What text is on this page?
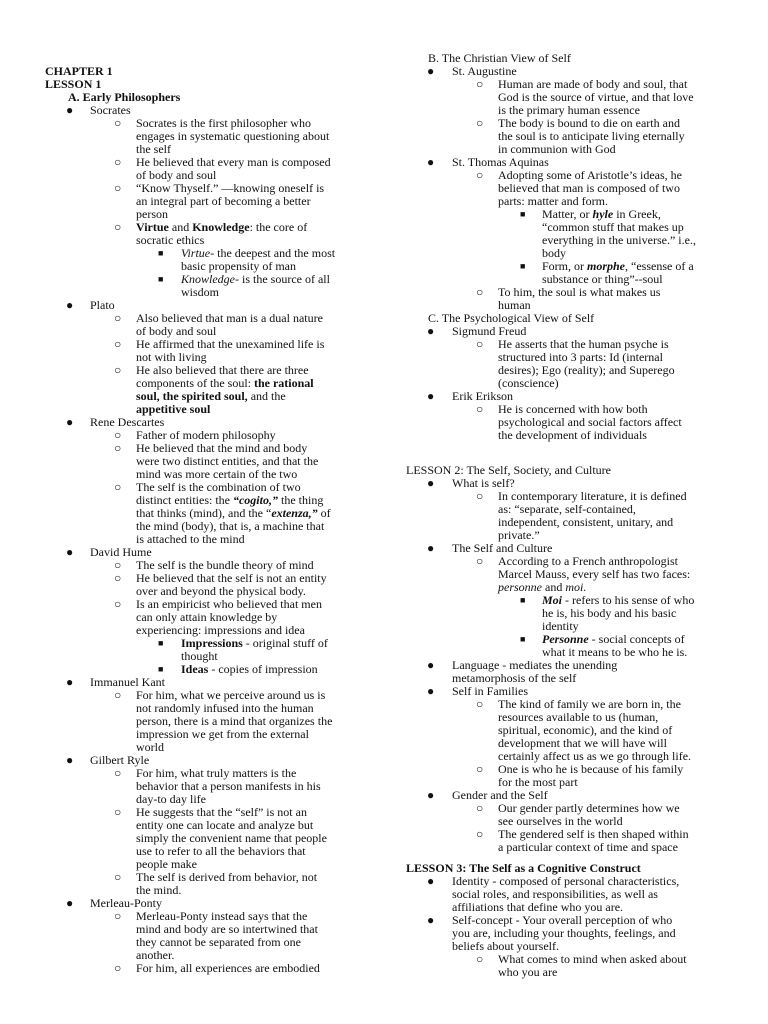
CHAPTER 1
LESSON 1
A. Early Philosophers
● Socrates
○ Socrates is the first philosopher who
engages in systematic questioning about
the self
○ He believed that every man is composed
of body and soul
○ “Know Thyself.” —knowing oneself is
an integral part of becoming a better
person
○ Virtue and Knowledge: the core of
socratic ethics
■ Virtue- the deepest and the most
basic propensity of man
■ Knowledge- is the source of all
wisdom
● Plato
○ Also believed that man is a dual nature
of body and soul
○ He affirmed that the unexamined life is
not with living
○ He also believed that there are three
components of the soul: the rational
soul, the spirited soul, and the
appetitive soul
● Rene Descartes
○ Father of modern philosophy
○ He believed that the mind and body
were two distinct entities, and that the
mind was more certain of the two
○ The self is the combination of two
distinct entities: the “cogito,” the thing
that thinks (mind), and the “extenza,” of
the mind (body), that is, a machine that
is attached to the mind
● David Hume
○ The self is the bundle theory of mind
○ He believed that the self is not an entity
over and beyond the physical body.
○ Is an empiricist who believed that men
can only attain knowledge by
experiencing: impressions and idea
■ Impressions - original stuff of
thought
■ Ideas - copies of impression
● Immanuel Kant
○ For him, what we perceive around us is
not randomly infused into the human
person, there is a mind that organizes the
impression we get from the external
world
● Gilbert Ryle
○ For him, what truly matters is the
behavior that a person manifests in his
day-to day life
○ He suggests that the “self” is not an
entity one can locate and analyze but
simply the convenient name that people
use to refer to all the behaviors that
people make
○ The self is derived from behavior, not
the mind.
● Merleau-Ponty
○ Merleau-Ponty instead says that the
mind and body are so intertwined that
they cannot be separated from one
another.
○ For him, all experiences are embodied
B. The Christian View of Self
● St. Augustine
○ Human are made of body and soul, that
God is the source of virtue, and that love
is the primary human essence
○ The body is bound to die on earth and
the soul is to anticipate living eternally
in communion with God
● St. Thomas Aquinas
○ Adopting some of Aristotle’s ideas, he
believed that man is composed of two
parts: matter and form.
■ Matter, or hyle in Greek,
“common stuff that makes up
everything in the universe.” i.e.,
body
■ Form, or morphe, “essense of a
substance or thing”--soul
○ To him, the soul is what makes us
human
C. The Psychological View of Self
● Sigmund Freud
○ He asserts that the human psyche is
structured into 3 parts: Id (internal
desires); Ego (reality); and Superego
(conscience)
● Erik Erikson
○ He is concerned with how both
psychological and social factors affect
the development of individuals
LESSON 2: The Self, Society, and Culture
● What is self?
○ In contemporary literature, it is defined
as: “separate, self-contained,
independent, consistent, unitary, and
private.”
● The Self and Culture
○ According to a French anthropologist
Marcel Mauss, every self has two faces:
personne and moi.
■ Moi - refers to his sense of who
he is, his body and his basic
identity
■ Personne - social concepts of
what it means to be who he is.
● Language - mediates the unending
metamorphosis of the self
● Self in Families
○ The kind of family we are born in, the
resources available to us (human,
spiritual, economic), and the kind of
development that we will have will
certainly affect us as we go through life.
○ One is who he is because of his family
for the most part
● Gender and the Self
○ Our gender partly determines how we
see ourselves in the world
○ The gendered self is then shaped within
a particular context of time and space
LESSON 3: The Self as a Cognitive Construct
● Identity - composed of personal characteristics,
social roles, and responsibilities, as well as
affiliations that define who you are.
● Self-concept - Your overall perception of who
you are, including your thoughts, feelings, and
beliefs about yourself.
○ What comes to mind when asked about
who you are
